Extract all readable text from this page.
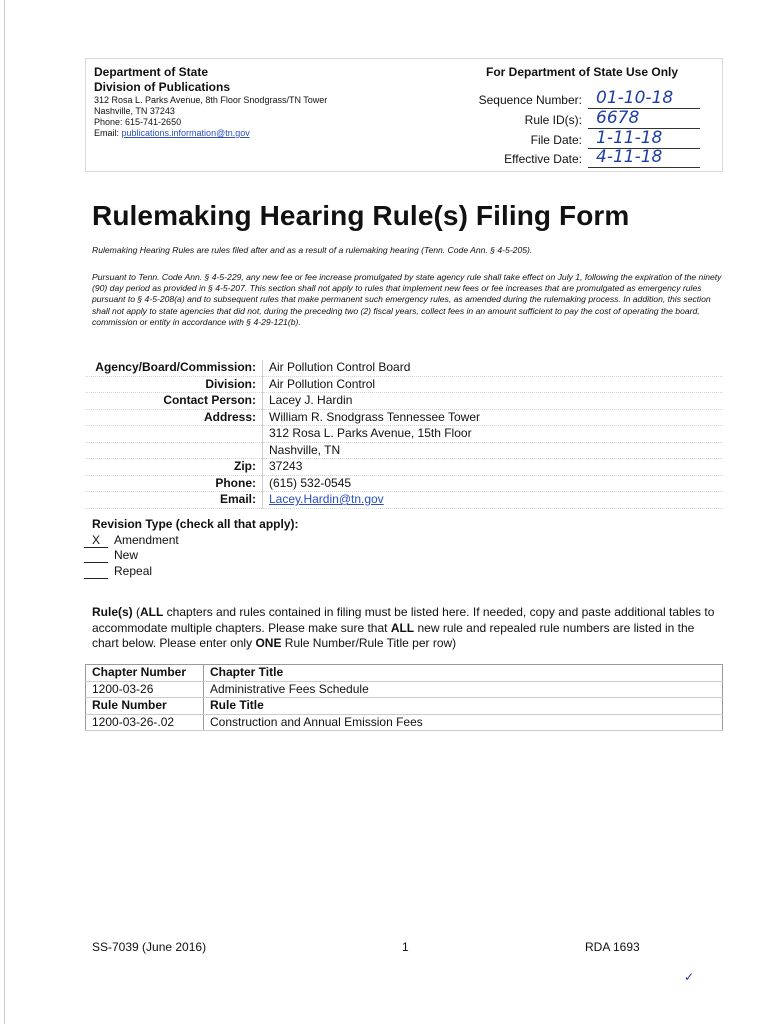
Department of State
Division of Publications
312 Rosa L. Parks Avenue, 8th Floor Snodgrass/TN Tower
Nashville, TN 37243
Phone: 615-741-2650
Email: publications.information@tn.gov
For Department of State Use Only
Sequence Number: 01-10-18
Rule ID(s): 6678
File Date: 1-11-18
Effective Date: 4-11-18
Rulemaking Hearing Rule(s) Filing Form
Rulemaking Hearing Rules are rules filed after and as a result of a rulemaking hearing (Tenn. Code Ann. § 4-5-205).
Pursuant to Tenn. Code Ann. § 4-5-229, any new fee or fee increase promulgated by state agency rule shall take effect on July 1, following the expiration of the ninety (90) day period as provided in § 4-5-207. This section shall not apply to rules that implement new fees or fee increases that are promulgated as emergency rules pursuant to § 4-5-208(a) and to subsequent rules that make permanent such emergency rules, as amended during the rulemaking process. In addition, this section shall not apply to state agencies that did not, during the preceding two (2) fiscal years, collect fees in an amount sufficient to pay the cost of operating the board, commission or entity in accordance with § 4-29-121(b).
Agency/Board/Commission:	Air Pollution Control Board
Division:	Air Pollution Control
Contact Person:	Lacey J. Hardin
Address:	William R. Snodgrass Tennessee Tower
	312 Rosa L. Parks Avenue, 15th Floor
	Nashville, TN
Zip:	37243
Phone:	(615) 532-0545
Email:	Lacey.Hardin@tn.gov
Revision Type (check all that apply):
X	Amendment
New
Repeal
Rule(s) (ALL chapters and rules contained in filing must be listed here. If needed, copy and paste additional tables to accommodate multiple chapters. Please make sure that ALL new rule and repealed rule numbers are listed in the chart below. Please enter only ONE Rule Number/Rule Title per row)
Chapter Number	Chapter Title
1200-03-26	Administrative Fees Schedule
Rule Number	Rule Title
1200-03-26-.02	Construction and Annual Emission Fees
SS-7039 (June 2016)	1	RDA 1693
✓
